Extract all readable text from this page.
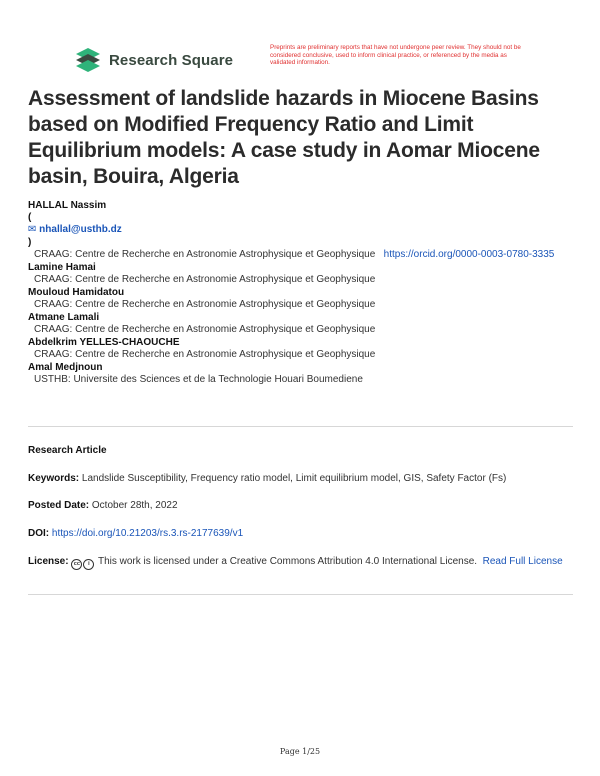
Research Square
Preprints are preliminary reports that have not undergone peer review. They should not be considered conclusive, used to inform clinical practice, or referenced by the media as validated information.
Assessment of landslide hazards in Miocene Basins based on Modified Frequency Ratio and Limit Equilibrium models: A case study in Aomar Miocene basin, Bouira, Algeria
HALLAL Nassim
(
✉ nhallal@usthb.dz
)
CRAAG: Centre de Recherche en Astronomie Astrophysique et Geophysique https://orcid.org/0000-0003-0780-3335
Lamine Hamai
CRAAG: Centre de Recherche en Astronomie Astrophysique et Geophysique
Mouloud Hamidatou
CRAAG: Centre de Recherche en Astronomie Astrophysique et Geophysique
Atmane Lamali
CRAAG: Centre de Recherche en Astronomie Astrophysique et Geophysique
Abdelkrim YELLES-CHAOUCHE
CRAAG: Centre de Recherche en Astronomie Astrophysique et Geophysique
Amal Medjnoun
USTHB: Universite des Sciences et de la Technologie Houari Boumediene
Research Article
Keywords: Landslide Susceptibility, Frequency ratio model, Limit equilibrium model, GIS, Safety Factor (Fs)
Posted Date: October 28th, 2022
DOI: https://doi.org/10.21203/rs.3.rs-2177639/v1
License: cc i This work is licensed under a Creative Commons Attribution 4.0 International License. Read Full License
Page 1/25
